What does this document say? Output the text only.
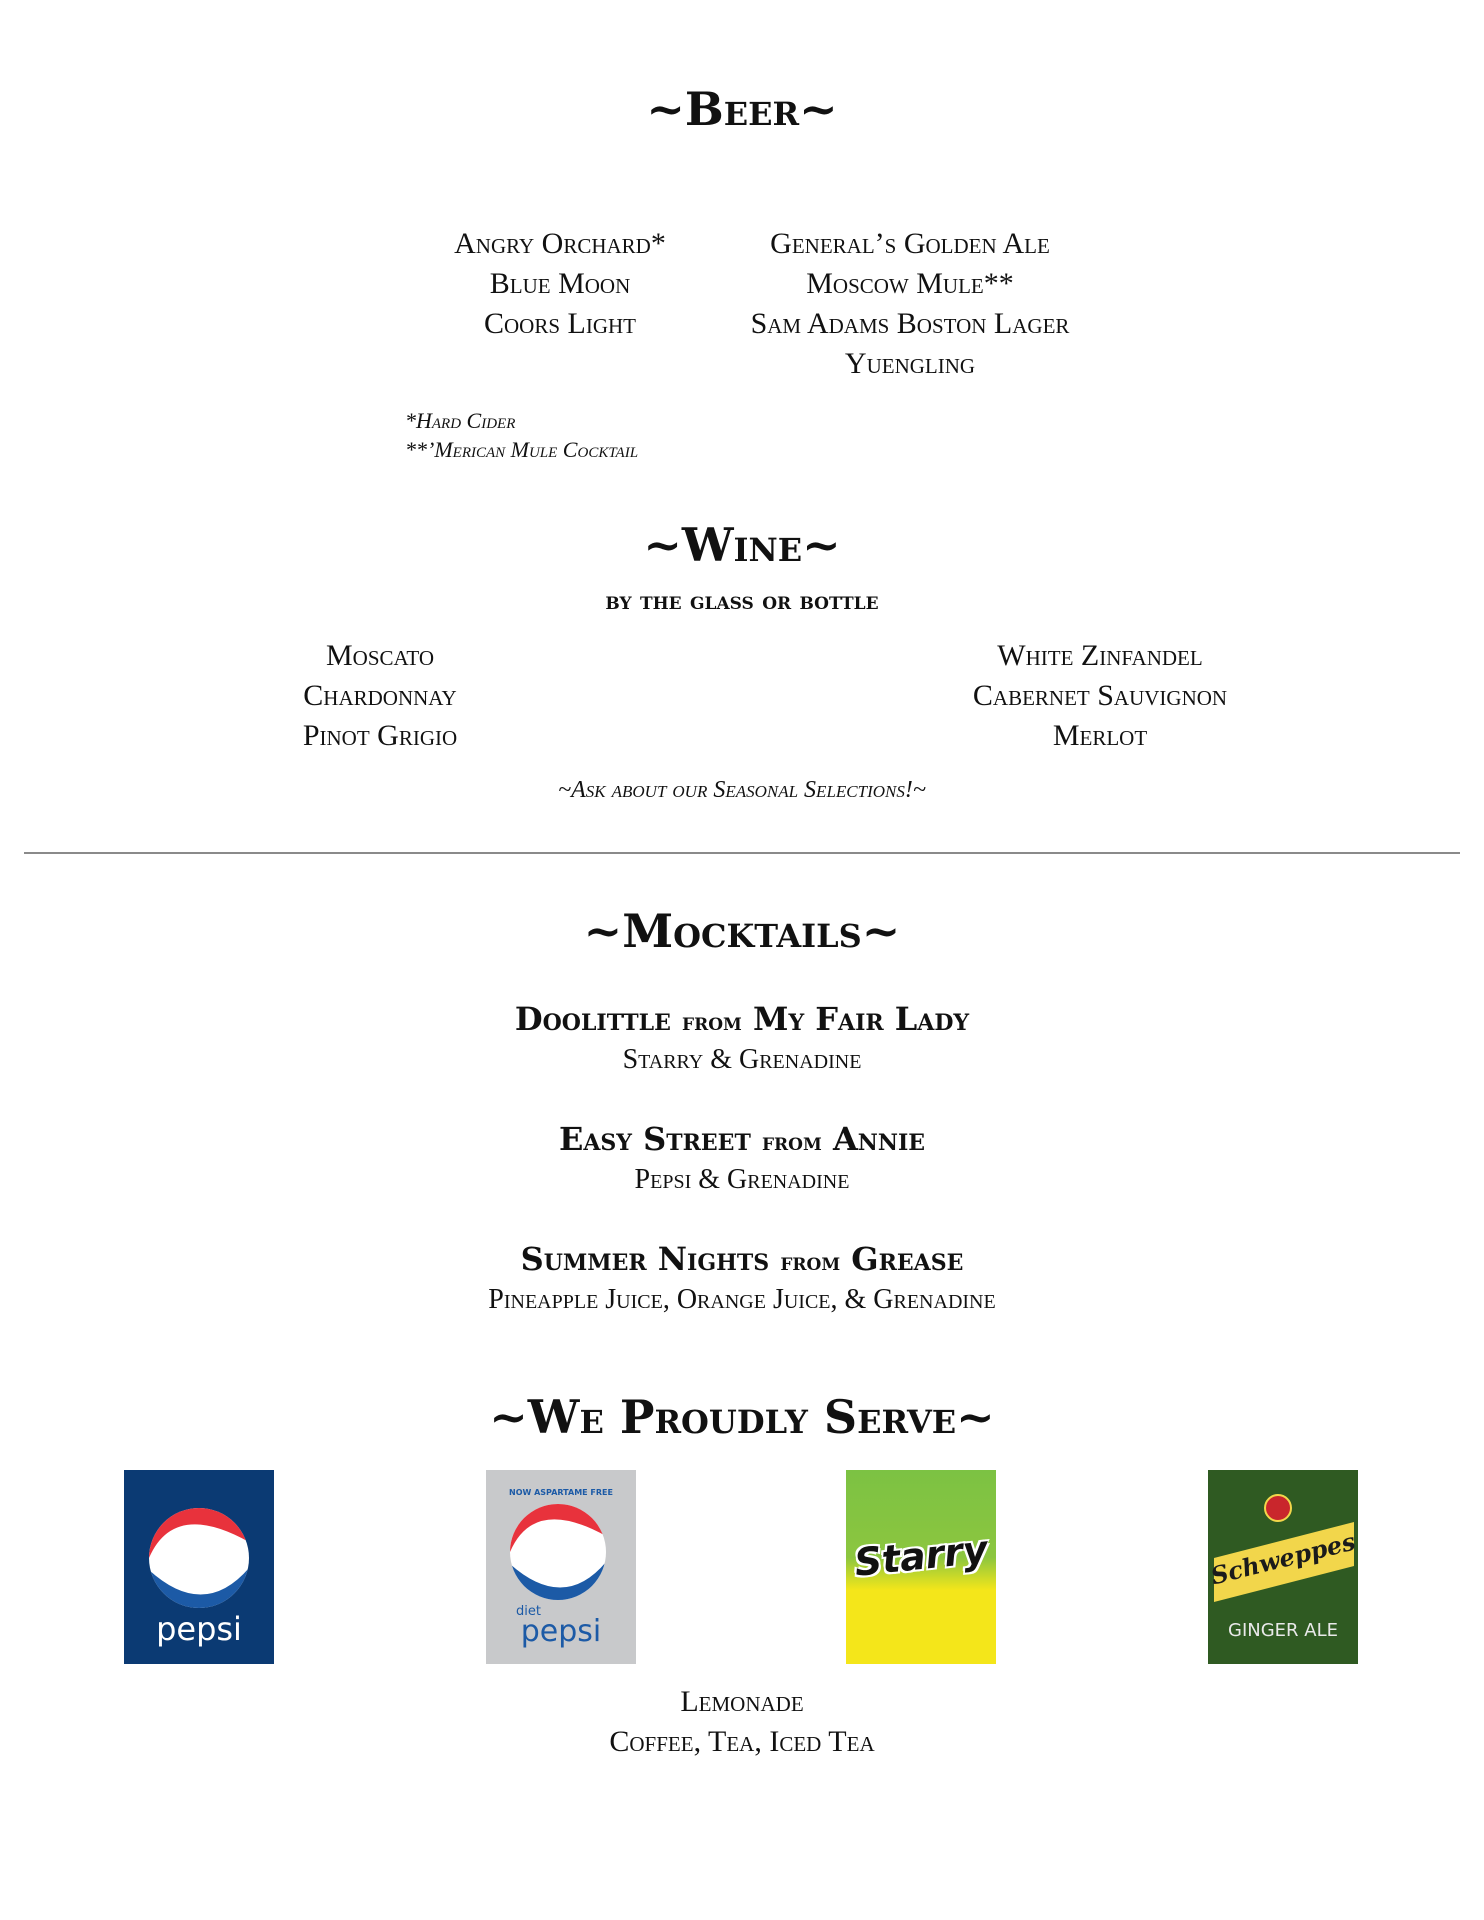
~Beer~
Angry Orchard*
Blue Moon
Coors Light
General’s Golden Ale
Moscow Mule**
Sam Adams Boston Lager
Yuengling
*Hard Cider
**’Merican Mule Cocktail
~Wine~
by the glass or bottle
Moscato
Chardonnay
Pinot Grigio
White Zinfandel
Cabernet Sauvignon
Merlot
~Ask about our Seasonal Selections!~
~Mocktails~
Doolittle from My Fair Lady
Starry & Grenadine
Easy Street from Annie
Pepsi & Grenadine
Summer Nights from Grease
Pineapple Juice, Orange Juice, & Grenadine
~We Proudly Serve~
pepsi
NOW ASPARTAME FREE
diet
pepsi
Starry	Schweppes
GINGER ALE
Lemonade
Coffee, Tea, Iced Tea
